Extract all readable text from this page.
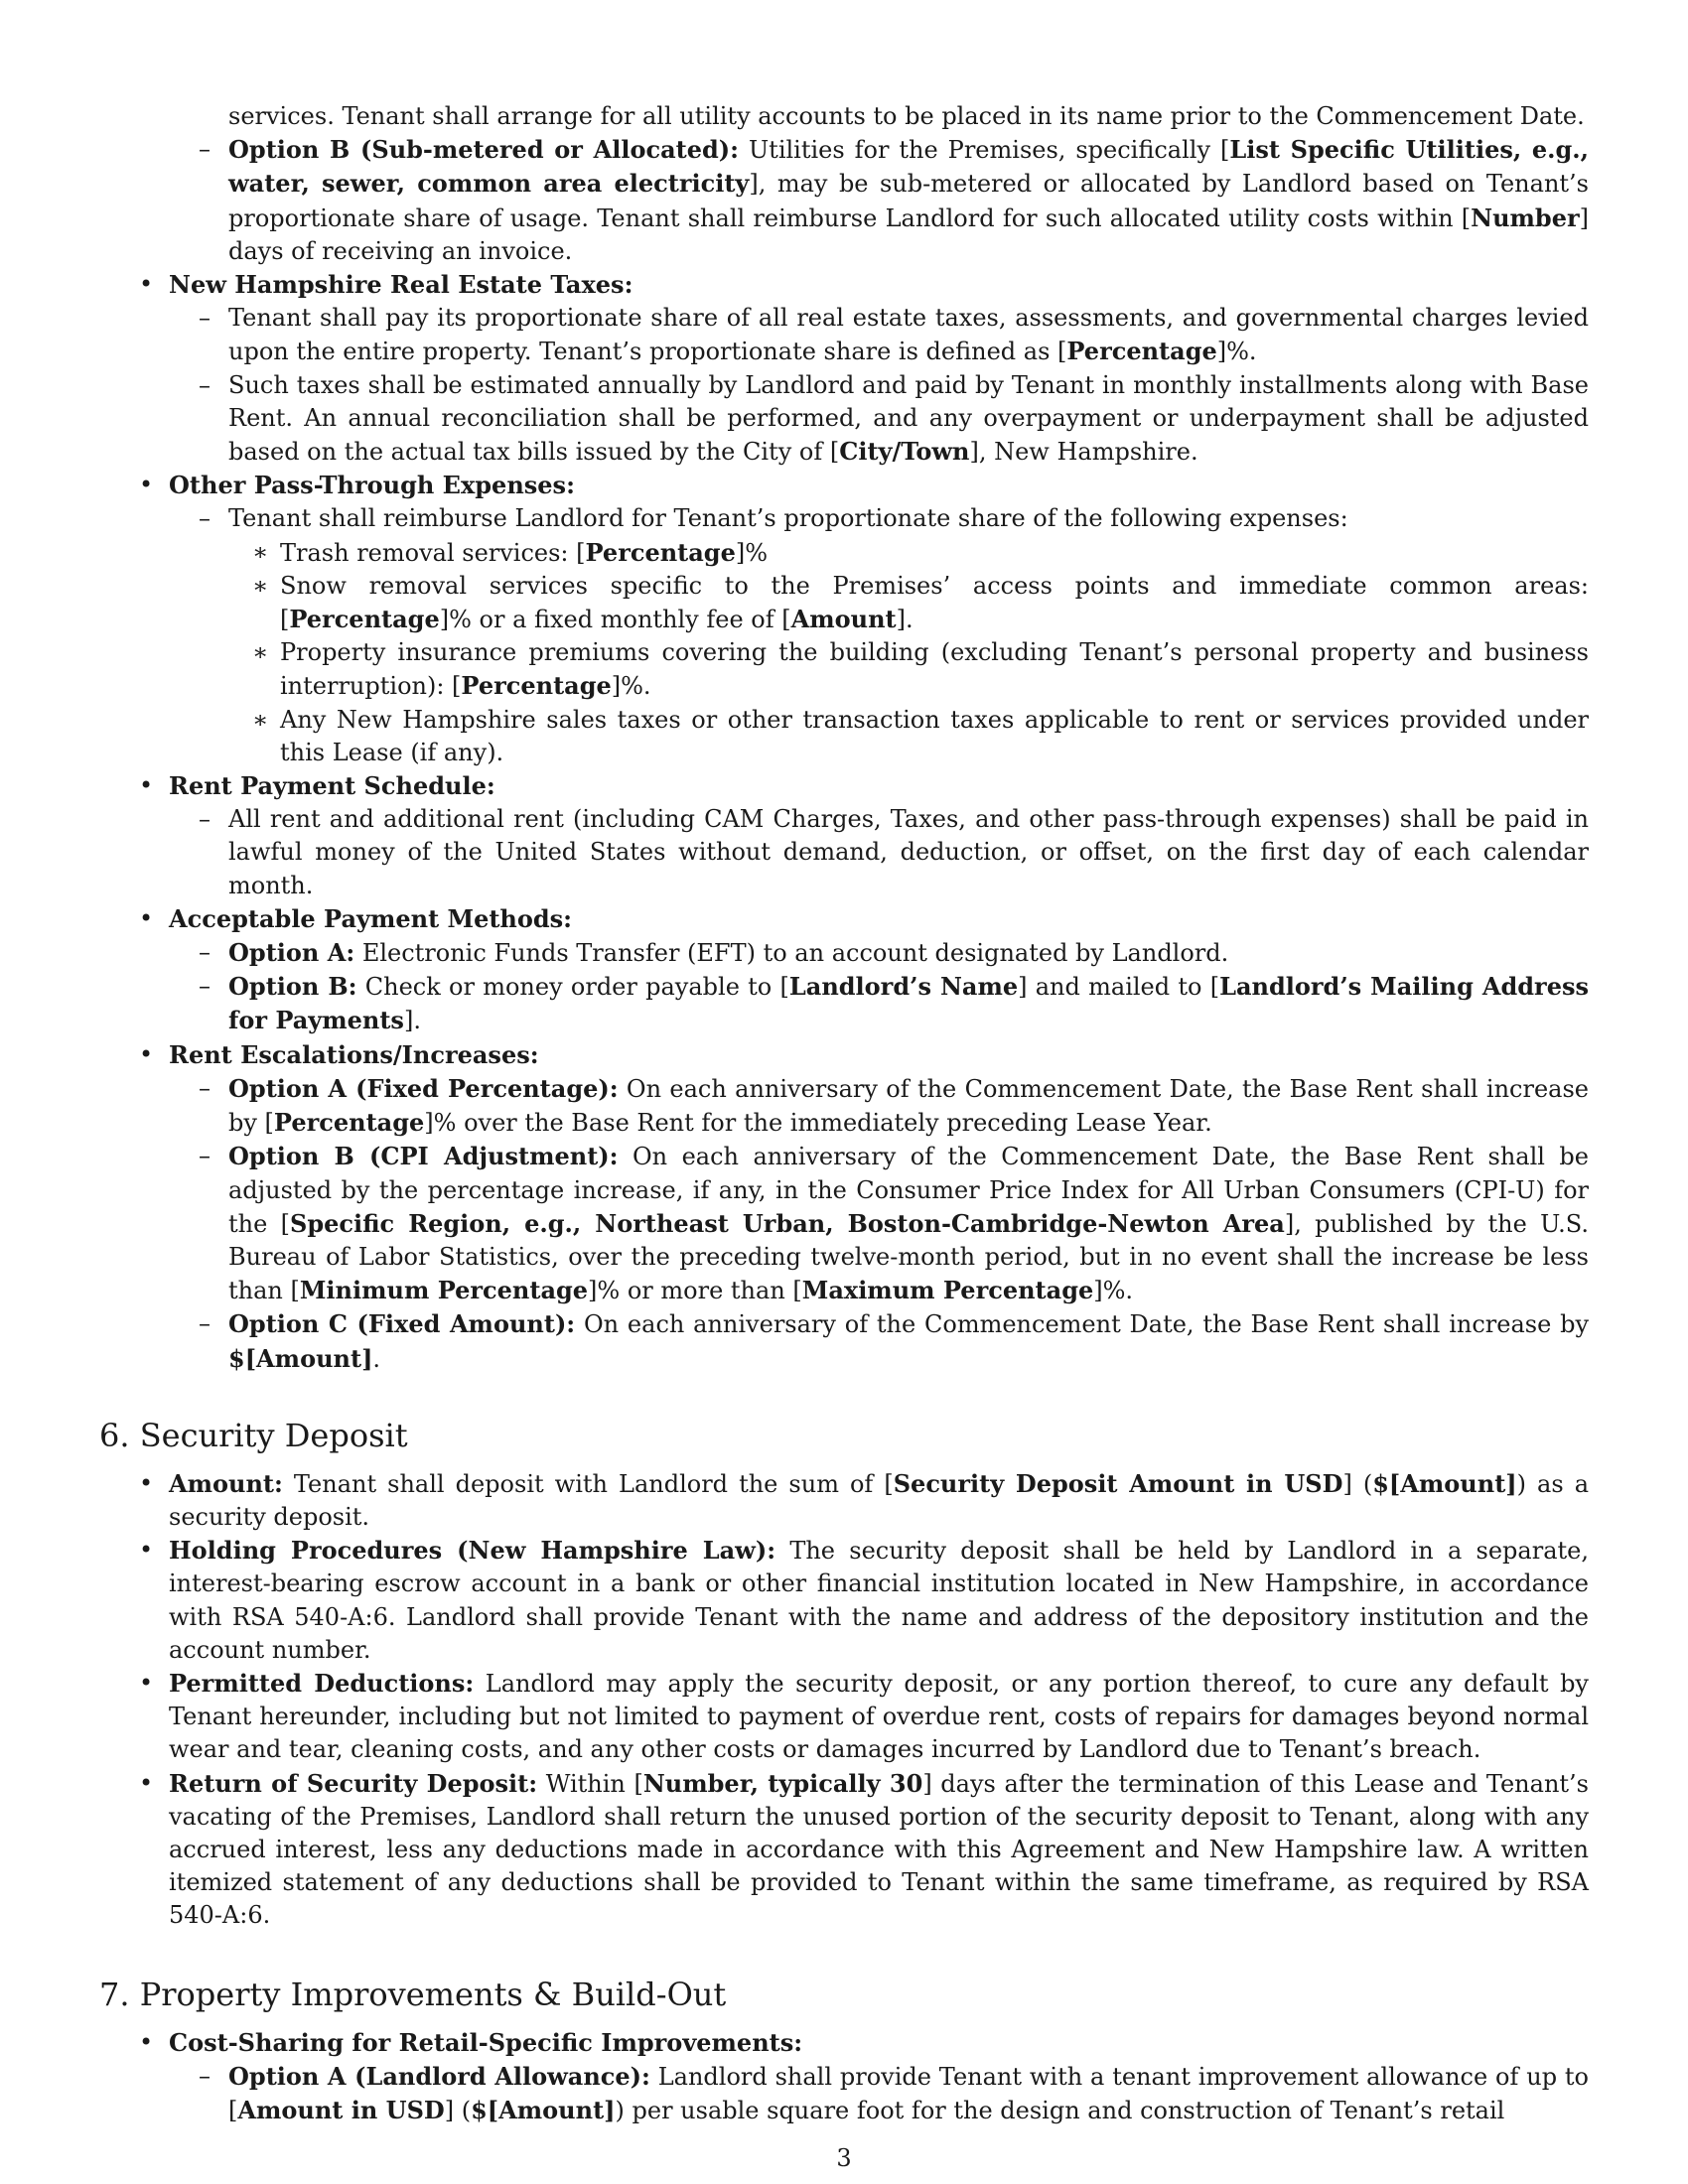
services. Tenant shall arrange for all utility accounts to be placed in its name prior to the Commencement Date.
– Option B (Sub-metered or Allocated): Utilities for the Premises, specifically [List Specific Utilities, e.g., water, sewer, common area electricity], may be sub-metered or allocated by Landlord based on Tenant’s proportionate share of usage. Tenant shall reimburse Landlord for such allocated utility costs within [Number] days of receiving an invoice.
• New Hampshire Real Estate Taxes:
– Tenant shall pay its proportionate share of all real estate taxes, assessments, and governmental charges levied upon the entire property. Tenant’s proportionate share is defined as [Percentage]%.
– Such taxes shall be estimated annually by Landlord and paid by Tenant in monthly installments along with Base Rent. An annual reconciliation shall be performed, and any overpayment or underpayment shall be adjusted based on the actual tax bills issued by the City of [City/Town], New Hampshire.
• Other Pass-Through Expenses:
– Tenant shall reimburse Landlord for Tenant’s proportionate share of the following expenses:
∗ Trash removal services: [Percentage]%
∗ Snow removal services specific to the Premises’ access points and immediate common areas: [Percentage]% or a fixed monthly fee of [Amount].
∗ Property insurance premiums covering the building (excluding Tenant’s personal property and business interruption): [Percentage]%.
∗ Any New Hampshire sales taxes or other transaction taxes applicable to rent or services provided under this Lease (if any).
• Rent Payment Schedule:
– All rent and additional rent (including CAM Charges, Taxes, and other pass-through expenses) shall be paid in lawful money of the United States without demand, deduction, or offset, on the first day of each calendar month.
• Acceptable Payment Methods:
– Option A: Electronic Funds Transfer (EFT) to an account designated by Landlord.
– Option B: Check or money order payable to [Landlord’s Name] and mailed to [Landlord’s Mailing Address for Payments].
• Rent Escalations/Increases:
– Option A (Fixed Percentage): On each anniversary of the Commencement Date, the Base Rent shall increase by [Percentage]% over the Base Rent for the immediately preceding Lease Year.
– Option B (CPI Adjustment): On each anniversary of the Commencement Date, the Base Rent shall be adjusted by the percentage increase, if any, in the Consumer Price Index for All Urban Consumers (CPI-U) for the [Specific Region, e.g., Northeast Urban, Boston-Cambridge-Newton Area], published by the U.S. Bureau of Labor Statistics, over the preceding twelve-month period, but in no event shall the increase be less than [Minimum Percentage]% or more than [Maximum Percentage]%.
– Option C (Fixed Amount): On each anniversary of the Commencement Date, the Base Rent shall increase by $[Amount].
6. Security Deposit
• Amount: Tenant shall deposit with Landlord the sum of [Security Deposit Amount in USD] ($[Amount]) as a security deposit.
• Holding Procedures (New Hampshire Law): The security deposit shall be held by Landlord in a separate, interest-bearing escrow account in a bank or other financial institution located in New Hampshire, in accordance with RSA 540-A:6. Landlord shall provide Tenant with the name and address of the depository institution and the account number.
• Permitted Deductions: Landlord may apply the security deposit, or any portion thereof, to cure any default by Tenant hereunder, including but not limited to payment of overdue rent, costs of repairs for damages beyond normal wear and tear, cleaning costs, and any other costs or damages incurred by Landlord due to Tenant’s breach.
• Return of Security Deposit: Within [Number, typically 30] days after the termination of this Lease and Tenant’s vacating of the Premises, Landlord shall return the unused portion of the security deposit to Tenant, along with any accrued interest, less any deductions made in accordance with this Agreement and New Hampshire law. A written itemized statement of any deductions shall be provided to Tenant within the same timeframe, as required by RSA 540-A:6.
7. Property Improvements & Build-Out
• Cost-Sharing for Retail-Specific Improvements:
– Option A (Landlord Allowance): Landlord shall provide Tenant with a tenant improvement allowance of up to [Amount in USD] ($[Amount]) per usable square foot for the design and construction of Tenant’s retail
3
